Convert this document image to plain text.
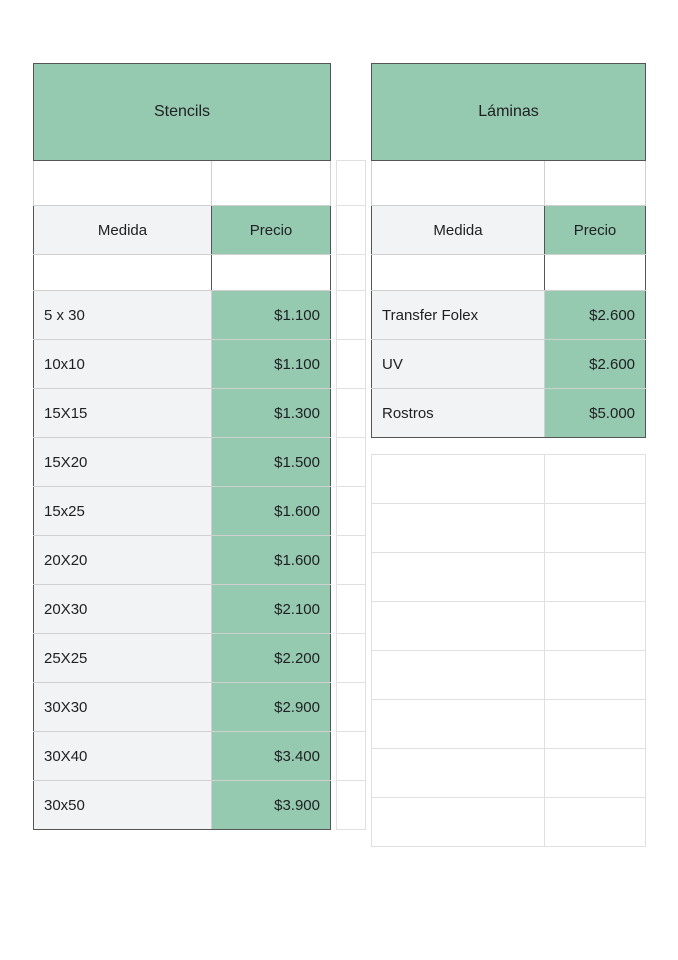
Stencils	

Medida	Precio

5 x 30	$1.100
10x10	$1.100
15X15	$1.300
15X20	$1.500
15x25	$1.600
20X20	$1.600
20X30	$2.100
25X25	$2.200
30X30	$2.900
30X40	$3.400
30x50	$3.900

Láminas	

Medida	Precio

Transfer Folex	$2.600
UV	$2.600
Rostros	$5.000
